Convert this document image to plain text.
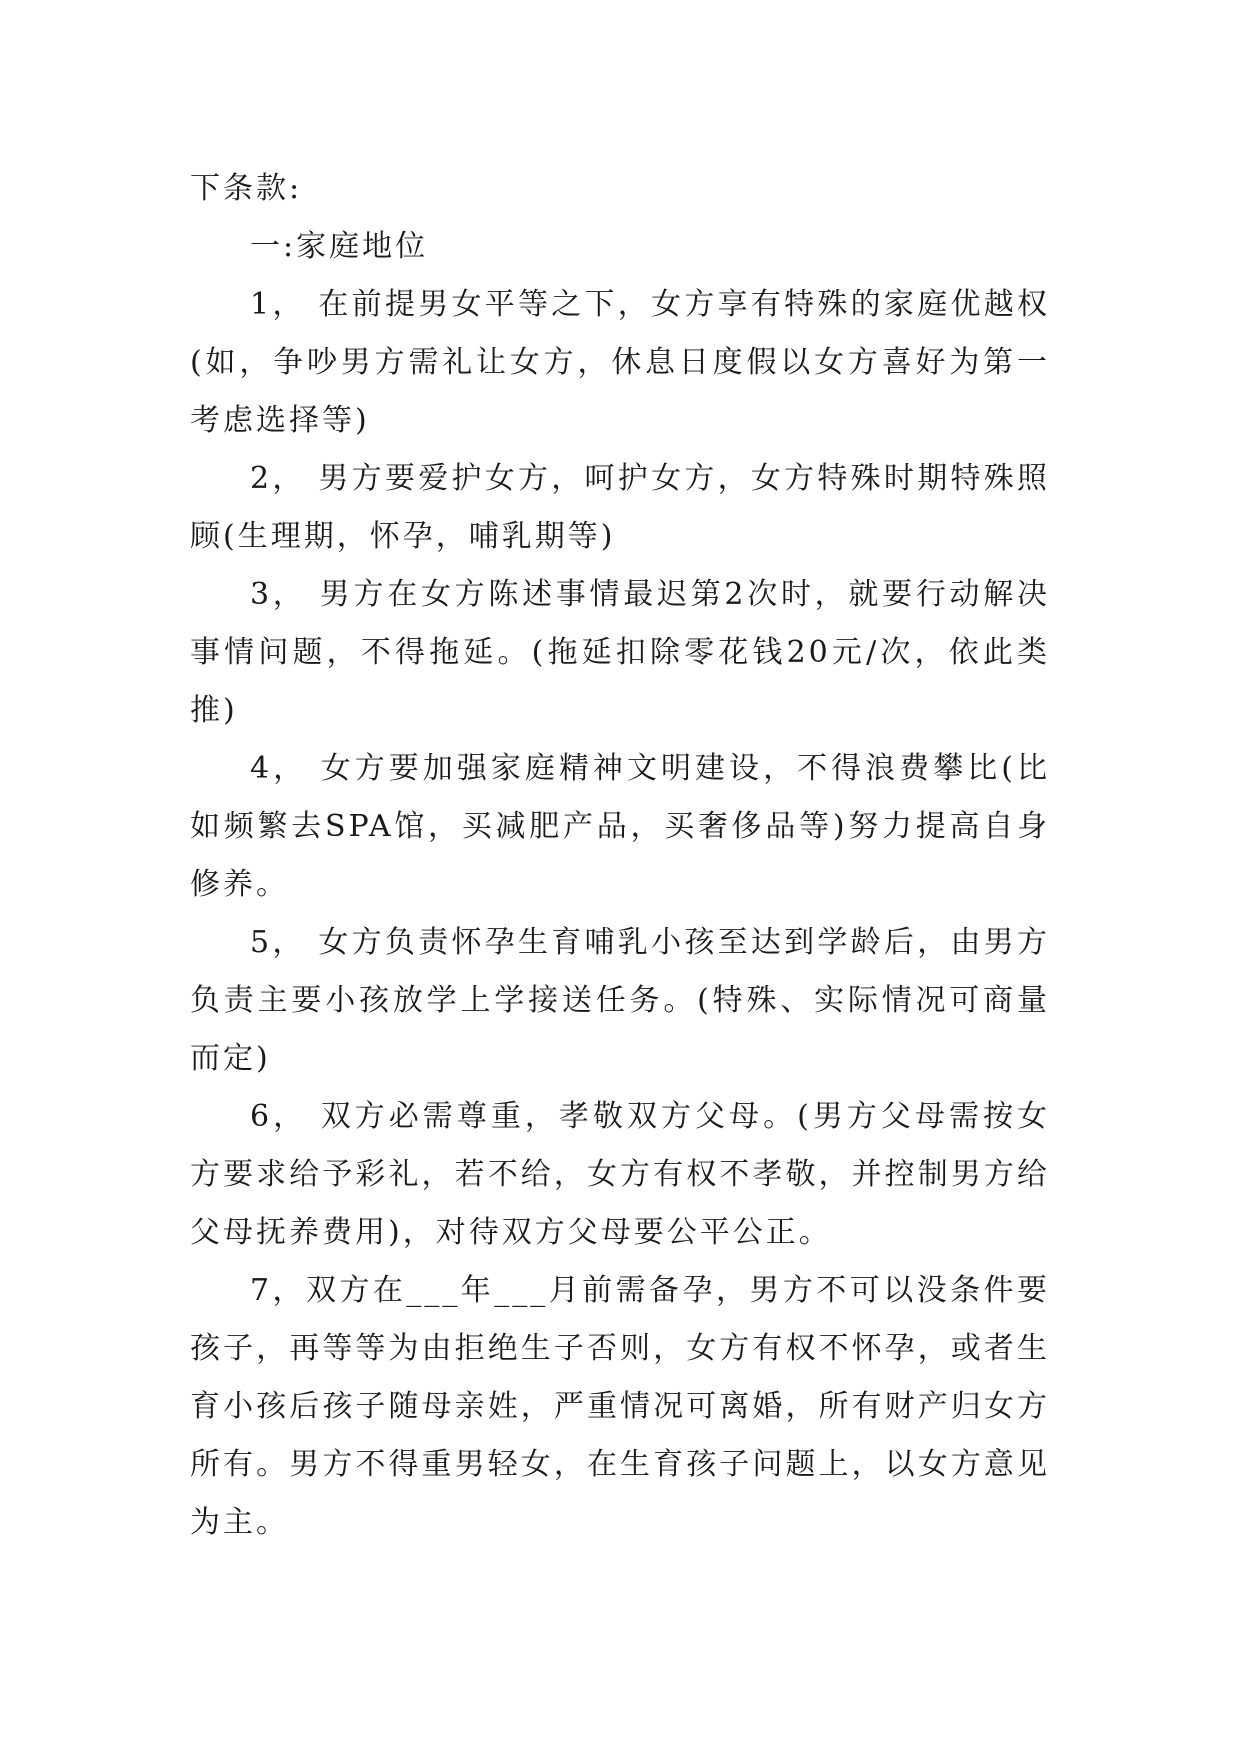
下条款:

一:家庭地位

1， 在前提男女平等之下，女方享有特殊的家庭优越权(如，争吵男方需礼让女方，休息日度假以女方喜好为第一考虑选择等)

2， 男方要爱护女方，呵护女方，女方特殊时期特殊照顾(生理期，怀孕，哺乳期等)

3， 男方在女方陈述事情最迟第2次时，就要行动解决事情问题，不得拖延。(拖延扣除零花钱20元/次，依此类推)

4， 女方要加强家庭精神文明建设，不得浪费攀比(比如频繁去SPA馆，买减肥产品，买奢侈品等)努力提高自身修养。

5， 女方负责怀孕生育哺乳小孩至达到学龄后，由男方负责主要小孩放学上学接送任务。(特殊、实际情况可商量而定)

6， 双方必需尊重，孝敬双方父母。(男方父母需按女方要求给予彩礼，若不给，女方有权不孝敬，并控制男方给父母抚养费用)，对待双方父母要公平公正。

7，双方在___年___月前需备孕，男方不可以没条件要孩子，再等等为由拒绝生子否则，女方有权不怀孕，或者生育小孩后孩子随母亲姓，严重情况可离婚，所有财产归女方所有。男方不得重男轻女，在生育孩子问题上，以女方意见为主。
